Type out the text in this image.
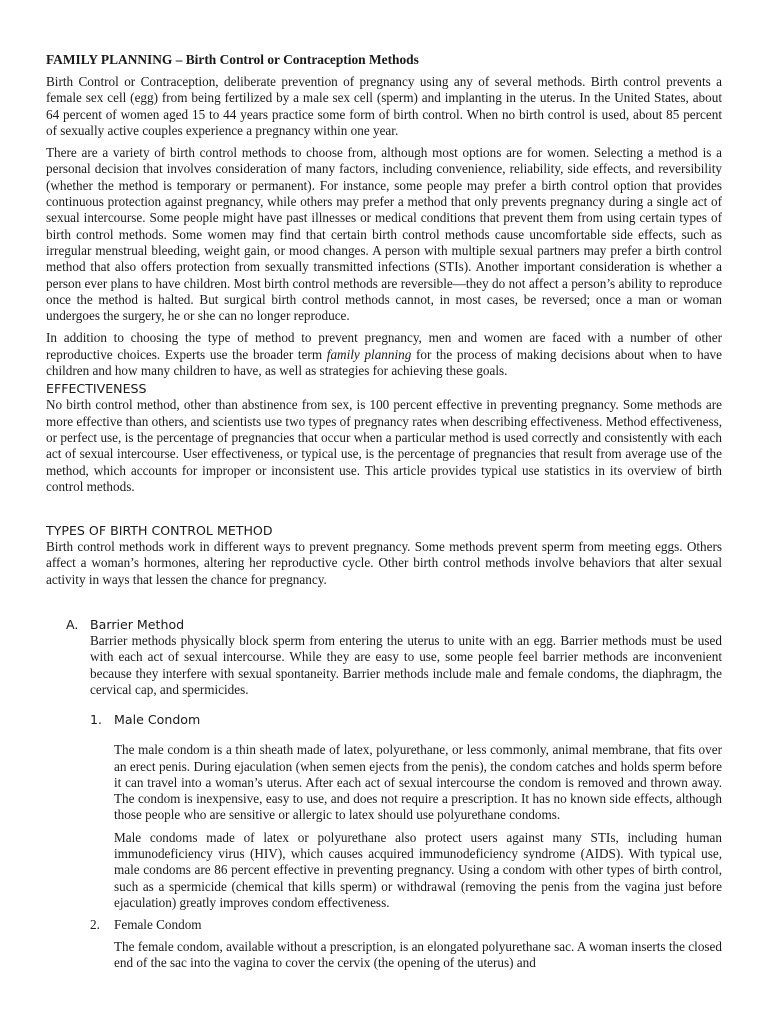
FAMILY PLANNING – Birth Control or Contraception Methods

Birth Control or Contraception, deliberate prevention of pregnancy using any of several methods. Birth control prevents a female sex cell (egg) from being fertilized by a male sex cell (sperm) and implanting in the uterus. In the United States, about 64 percent of women aged 15 to 44 years practice some form of birth control. When no birth control is used, about 85 percent of sexually active couples experience a pregnancy within one year.

There are a variety of birth control methods to choose from, although most options are for women. Selecting a method is a personal decision that involves consideration of many factors, including convenience, reliability, side effects, and reversibility (whether the method is temporary or permanent). For instance, some people may prefer a birth control option that provides continuous protection against pregnancy, while others may prefer a method that only prevents pregnancy during a single act of sexual intercourse. Some people might have past illnesses or medical conditions that prevent them from using certain types of birth control methods. Some women may find that certain birth control methods cause uncomfortable side effects, such as irregular menstrual bleeding, weight gain, or mood changes. A person with multiple sexual partners may prefer a birth control method that also offers protection from sexually transmitted infections (STIs). Another important consideration is whether a person ever plans to have children. Most birth control methods are reversible—they do not affect a person’s ability to reproduce once the method is halted. But surgical birth control methods cannot, in most cases, be reversed; once a man or woman undergoes the surgery, he or she can no longer reproduce.

In addition to choosing the type of method to prevent pregnancy, men and women are faced with a number of other reproductive choices. Experts use the broader term family planning for the process of making decisions about when to have children and how many children to have, as well as strategies for achieving these goals.

EFFECTIVENESS

No birth control method, other than abstinence from sex, is 100 percent effective in preventing pregnancy. Some methods are more effective than others, and scientists use two types of pregnancy rates when describing effectiveness. Method effectiveness, or perfect use, is the percentage of pregnancies that occur when a particular method is used correctly and consistently with each act of sexual intercourse. User effectiveness, or typical use, is the percentage of pregnancies that result from average use of the method, which accounts for improper or inconsistent use. This article provides typical use statistics in its overview of birth control methods.

TYPES OF BIRTH CONTROL METHOD

Birth control methods work in different ways to prevent pregnancy. Some methods prevent sperm from meeting eggs. Others affect a woman’s hormones, altering her reproductive cycle. Other birth control methods involve behaviors that alter sexual activity in ways that lessen the chance for pregnancy.

A. Barrier Method

Barrier methods physically block sperm from entering the uterus to unite with an egg. Barrier methods must be used with each act of sexual intercourse. While they are easy to use, some people feel barrier methods are inconvenient because they interfere with sexual spontaneity. Barrier methods include male and female condoms, the diaphragm, the cervical cap, and spermicides.

1. Male Condom

The male condom is a thin sheath made of latex, polyurethane, or less commonly, animal membrane, that fits over an erect penis. During ejaculation (when semen ejects from the penis), the condom catches and holds sperm before it can travel into a woman’s uterus. After each act of sexual intercourse the condom is removed and thrown away. The condom is inexpensive, easy to use, and does not require a prescription. It has no known side effects, although those people who are sensitive or allergic to latex should use polyurethane condoms.

Male condoms made of latex or polyurethane also protect users against many STIs, including human immunodeficiency virus (HIV), which causes acquired immunodeficiency syndrome (AIDS). With typical use, male condoms are 86 percent effective in preventing pregnancy. Using a condom with other types of birth control, such as a spermicide (chemical that kills sperm) or withdrawal (removing the penis from the vagina just before ejaculation) greatly improves condom effectiveness.

2.	Female Condom

The female condom, available without a prescription, is an elongated polyurethane sac. A woman inserts the closed end of the sac into the vagina to cover the cervix (the opening of the uterus) and
